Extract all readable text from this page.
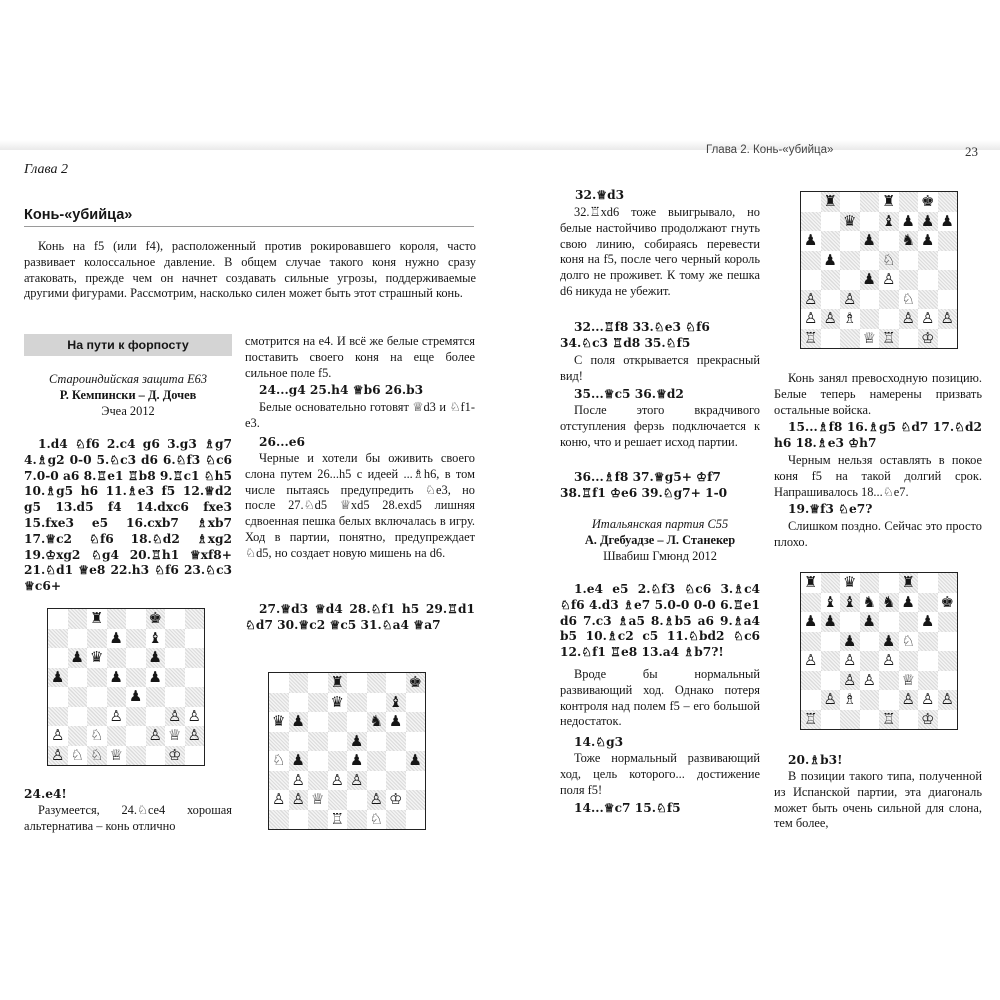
Глава 2
Конь-«убийца»
Конь на f5 (или f4), расположенный против рокировавшего короля, часто развивает колоссальное давление. В общем случае такого коня нужно сразу атаковать, прежде чем он начнет создавать сильные угрозы, поддерживаемые другими фигурами. Рассмотрим, насколько силен может быть этот страшный конь.
На пути к форпосту
Староиндийская защита Е63
Р. Кемпински – Д. Дочев
Эчеа 2012
1.d4 ♘f6 2.c4 g6 3.g3 ♗g7 4.♗g2 0-0 5.♘c3 d6 6.♘f3 ♘c6 7.0-0 a6 8.♖e1 ♖b8 9.♖c1 ♘h5 10.♗g5 h6 11.♗e3 f5 12.♕d2 g5 13.d5 f4 14.dxc6 fxe3 15.fxe3 e5 16.cxb7 ♗xb7 17.♕c2 ♘f6 18.♘d2 ♗xg2 19.♔xg2 ♘g4 20.♖h1 ♕xf8+ 21.♘d1 ♕e8 22.h3 ♘f6 23.♘c3 ♕c6+
♜	♚
♟ ♝
♟ ♛	♟
♟	♟ ♟
♟
♙	♙ ♙
♙ ♘	♙ ♕ ♙
♙ ♘ ♘ ♕	♔
24.e4!
Разумеется, 24.♘ce4 хорошая альтернатива – конь отлично
смотрится на e4. И всё же белые стремятся поставить своего коня на еще более сильное поле f5.
24...g4 25.h4 ♕b6 26.b3
Белые основательно готовят ♕d3 и ♘f1-e3.
26...e6
Черные и хотели бы оживить своего слона путем 26...h5 с идеей ...♗h6, в том числе пытаясь предупредить ♘e3, но после 27.♘d5 ♕xd5 28.exd5 лишняя сдвоенная пешка белых включалась в игру. Ход в партии, понятно, предупреждает ♘d5, но создает новую мишень на d6.
27.♕d3 ♕d4 28.♘f1 h5 29.♖d1 ♘d7 30.♕c2 ♕c5 31.♘a4 ♕a7
♜	♚
♛	♝
♛ ♟	♞ ♟
♟
♘ ♟	♟	♟
♙ ♙ ♙
♙ ♙ ♕	♙ ♔
♖ ♘
Глава 2. Конь-«убийца»	23
32.♕d3
32.♖xd6 тоже выигрывало, но белые настойчиво продолжают гнуть свою линию, собираясь перевести коня на f5, после чего черный король долго не проживет. К тому же пешка d6 никуда не убежит.
32...♖f8 33.♘e3 ♘f6 34.♘c3 ♖d8 35.♘f5
С поля открывается прекрасный вид!
35...♕c5 36.♕d2
После этого вкрадчивого отступления ферзь подключается к коню, что и решает исход партии.
36...♗f8 37.♕g5+ ♔f7 38.♖f1 ♔e6 39.♘g7+ 1-0
Итальянская партия С55
А. Дгебуадзе – Л. Станекер
Швабиш Гмюнд 2012
1.e4 e5 2.♘f3 ♘c6 3.♗c4 ♘f6 4.d3 ♗e7 5.0-0 0-0 6.♖e1 d6 7.c3 ♗a5 8.♗b5 a6 9.♗a4 b5 10.♗c2 c5 11.♘bd2 ♘c6 12.♘f1 ♖e8 13.a4 ♗b7?!
Вроде бы нормальный развивающий ход. Однако потеря контроля над полем f5 – его большой недостаток.
14.♘g3
Тоже нормальный развивающий ход, цель которого... достижение поля f5!
14...♕c7 15.♘f5
♜	♜ ♚
♛ ♝ ♟ ♟ ♟
♟	♟ ♞ ♟
♟	♘
♟ ♙
♙ ♙	♘
♙ ♙ ♗	♙ ♙ ♙
♖	♕ ♖ ♔
Конь занял превосходную позицию. Белые теперь намерены призвать остальные войска.
15...♗f8 16.♗g5 ♘d7 17.♘d2 h6 18.♗e3 ♔h7
Черным нельзя оставлять в покое коня f5 на такой долгий срок. Напрашивалось 18...♘e7.
19.♕f3 ♘e7?
Слишком поздно. Сейчас это просто плохо.
♜ ♛	♜
♝ ♝ ♞ ♞ ♟ ♚
♟ ♟ ♟	♟
♟ ♟ ♘
♙ ♙ ♙
♙ ♙ ♕
♙ ♗	♙ ♙ ♙
♖	♖ ♔
20.♗b3!
В позиции такого типа, полученной из Испанской партии, эта диагональ может быть очень сильной для слона, тем более,
